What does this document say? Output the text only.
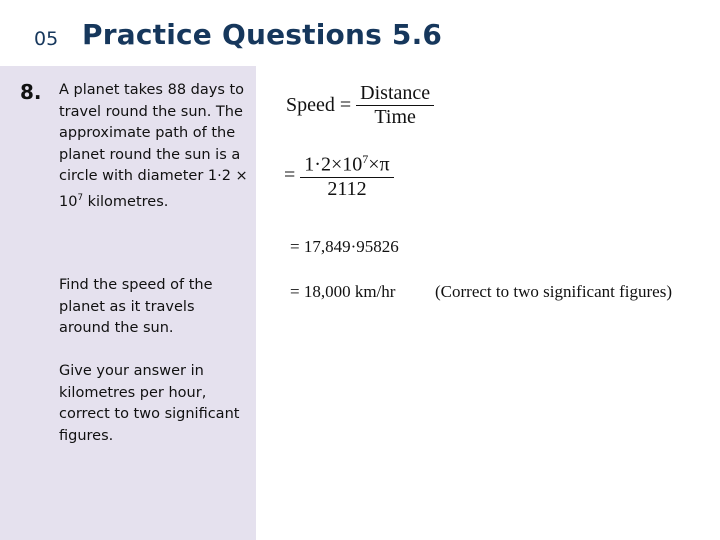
05 Practice Questions 5.6
8. A planet takes 88 days to travel round the sun. The approximate path of the planet round the sun is a circle with diameter $1\cdot 2 \times 10^7$ kilometres.
Find the speed of the planet as it travels around the sun.
Give your answer in kilometres per hour, correct to two significant figures.
Speed = $\frac{\text{Distance}}{\text{Time}}$
= $\frac{1\cdot 2\times 10^7\times\pi}{2112}$
= 17,849·95826
= 18,000 km/hr (Correct to two significant figures)
